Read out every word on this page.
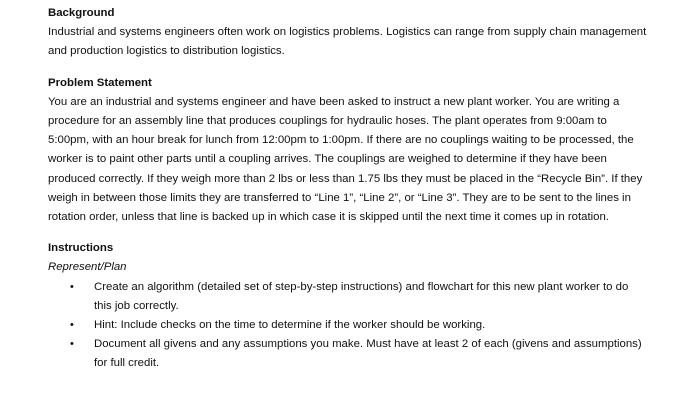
Background

Industrial and systems engineers often work on logistics problems. Logistics can range from supply chain management and production logistics to distribution logistics.

Problem Statement

You are an industrial and systems engineer and have been asked to instruct a new plant worker. You are writing a procedure for an assembly line that produces couplings for hydraulic hoses. The plant operates from 9:00am to 5:00pm, with an hour break for lunch from 12:00pm to 1:00pm. If there are no couplings waiting to be processed, the worker is to paint other parts until a coupling arrives. The couplings are weighed to determine if they have been produced correctly. If they weigh more than 2 lbs or less than 1.75 lbs they must be placed in the “Recycle Bin”. If they weigh in between those limits they are transferred to “Line 1”, “Line 2”, or “Line 3”. They are to be sent to the lines in rotation order, unless that line is backed up in which case it is skipped until the next time it comes up in rotation.

Instructions

Represent/Plan

• Create an algorithm (detailed set of step-by-step instructions) and flowchart for this new plant worker to do this job correctly.
• Hint: Include checks on the time to determine if the worker should be working.
• Document all givens and any assumptions you make. Must have at least 2 of each (givens and assumptions) for full credit.
